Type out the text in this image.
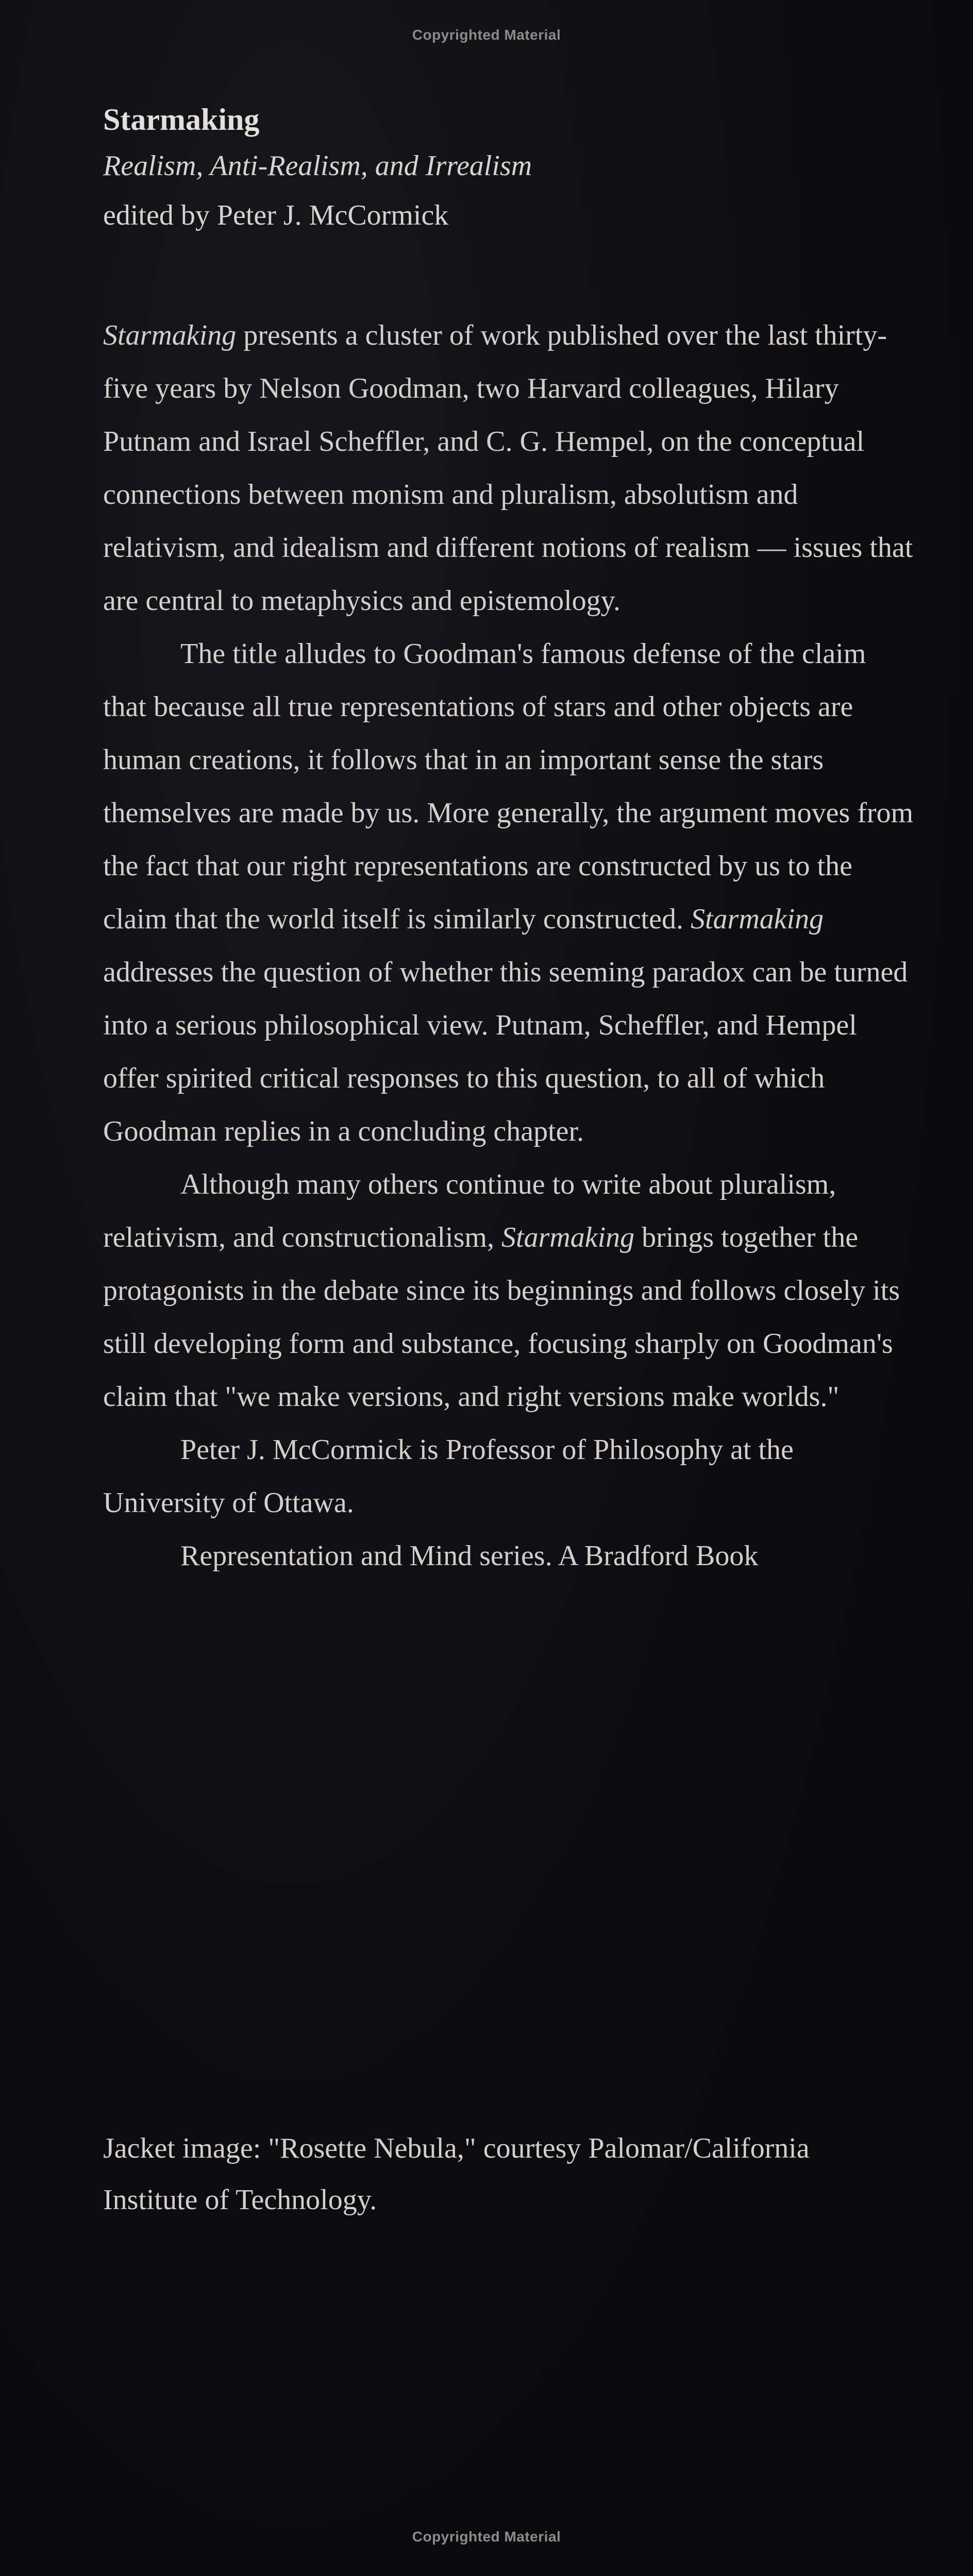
Copyrighted Material
Starmaking
Realism, Anti-Realism, and Irrealism
edited by Peter J. McCormick

Starmaking presents a cluster of work published over the last thirty-five years by Nelson Goodman, two Harvard colleagues, Hilary Putnam and Israel Scheffler, and C. G. Hempel, on the conceptual connections between monism and pluralism, absolutism and relativism, and idealism and different notions of realism — issues that are central to metaphysics and epistemology.

The title alludes to Goodman's famous defense of the claim that because all true representations of stars and other objects are human creations, it follows that in an important sense the stars themselves are made by us. More generally, the argument moves from the fact that our right representations are constructed by us to the claim that the world itself is similarly constructed. Starmaking addresses the question of whether this seeming paradox can be turned into a serious philosophical view. Putnam, Scheffler, and Hempel offer spirited critical responses to this question, to all of which Goodman replies in a concluding chapter.

Although many others continue to write about pluralism, relativism, and constructionalism, Starmaking brings together the protagonists in the debate since its beginnings and follows closely its still developing form and substance, focusing sharply on Goodman's claim that "we make versions, and right versions make worlds."

Peter J. McCormick is Professor of Philosophy at the University of Ottawa.

Representation and Mind series. A Bradford Book

Jacket image: "Rosette Nebula," courtesy Palomar/California Institute of Technology.
Copyrighted Material
